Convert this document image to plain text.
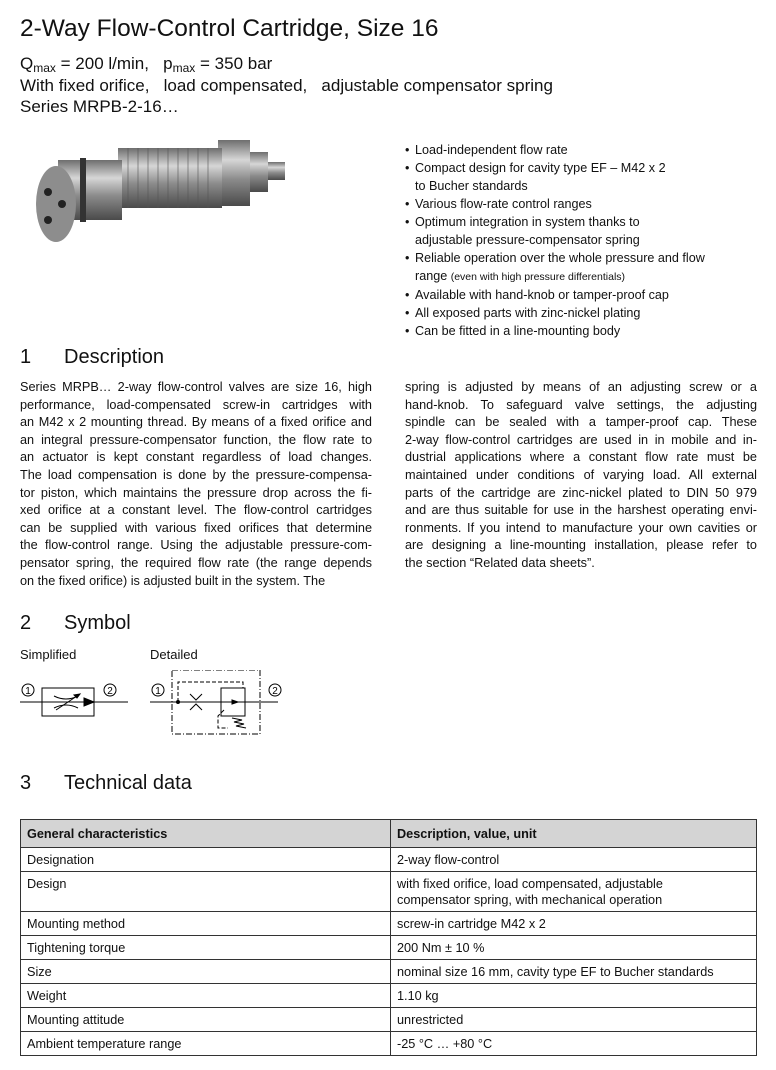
2-Way Flow-Control Cartridge, Size 16
$Q_{max} = 200$ l/min,   $p_{max} = 350$ bar
With fixed orifice,   load compensated,   adjustable compensator spring
Series MRPB-2-16…
• Load-independent flow rate
• Compact design for cavity type EF – M42 x 2
to Bucher standards
• Various flow-rate control ranges
• Optimum integration in system thanks to
adjustable pressure-compensator spring
• Reliable operation over the whole pressure and flow
range (even with high pressure differentials)
• Available with hand-knob or tamper-proof cap
• All exposed parts with zinc-nickel plating
• Can be fitted in a line-mounting body
1 Description
Series MRPB… 2-way flow-control valves are size 16, high
performance, load-compensated screw-in cartridges with
an M42 x 2 mounting thread. By means of a fixed orifice and
an integral pressure-compensator function, the flow rate to
an actuator is kept constant regardless of load changes.
The load compensation is done by the pressure-compensa-
tor piston, which maintains the pressure drop across the fi-
xed orifice at a constant level. The flow-control cartridges
can be supplied with various fixed orifices that determine
the flow-control range. Using the adjustable pressure-com-
pensator spring, the required flow rate (the range depends
on the fixed orifice) is adjusted built in the system. The
spring is adjusted by means of an adjusting screw or a
hand-knob. To safeguard valve settings, the adjusting
spindle can be sealed with a tamper-proof cap. These
2-way flow-control cartridges are used in in mobile and in-
dustrial applications where a constant flow rate must be
maintained under conditions of varying load. All external
parts of the cartridge are zinc-nickel plated to DIN 50 979
and are thus suitable for use in the harshest operating envi-
ronments. If you intend to manufacture your own cavities or
are designing a line-mounting installation, please refer to
the section “Related data sheets”.
2 Symbol
Simplified	Detailed
1	2	1	2
3 Technical data
General characteristics	Description, value, unit
Designation	2-way flow-control
Design	with fixed orifice, load compensated, adjustable
compensator spring, with mechanical operation
Mounting method	screw-in cartridge M42 x 2
Tightening torque	200 Nm ± 10 %
Size	nominal size 16 mm, cavity type EF to Bucher standards
Weight	1.10 kg
Mounting attitude	unrestricted
Ambient temperature range	-25 °C … +80 °C
